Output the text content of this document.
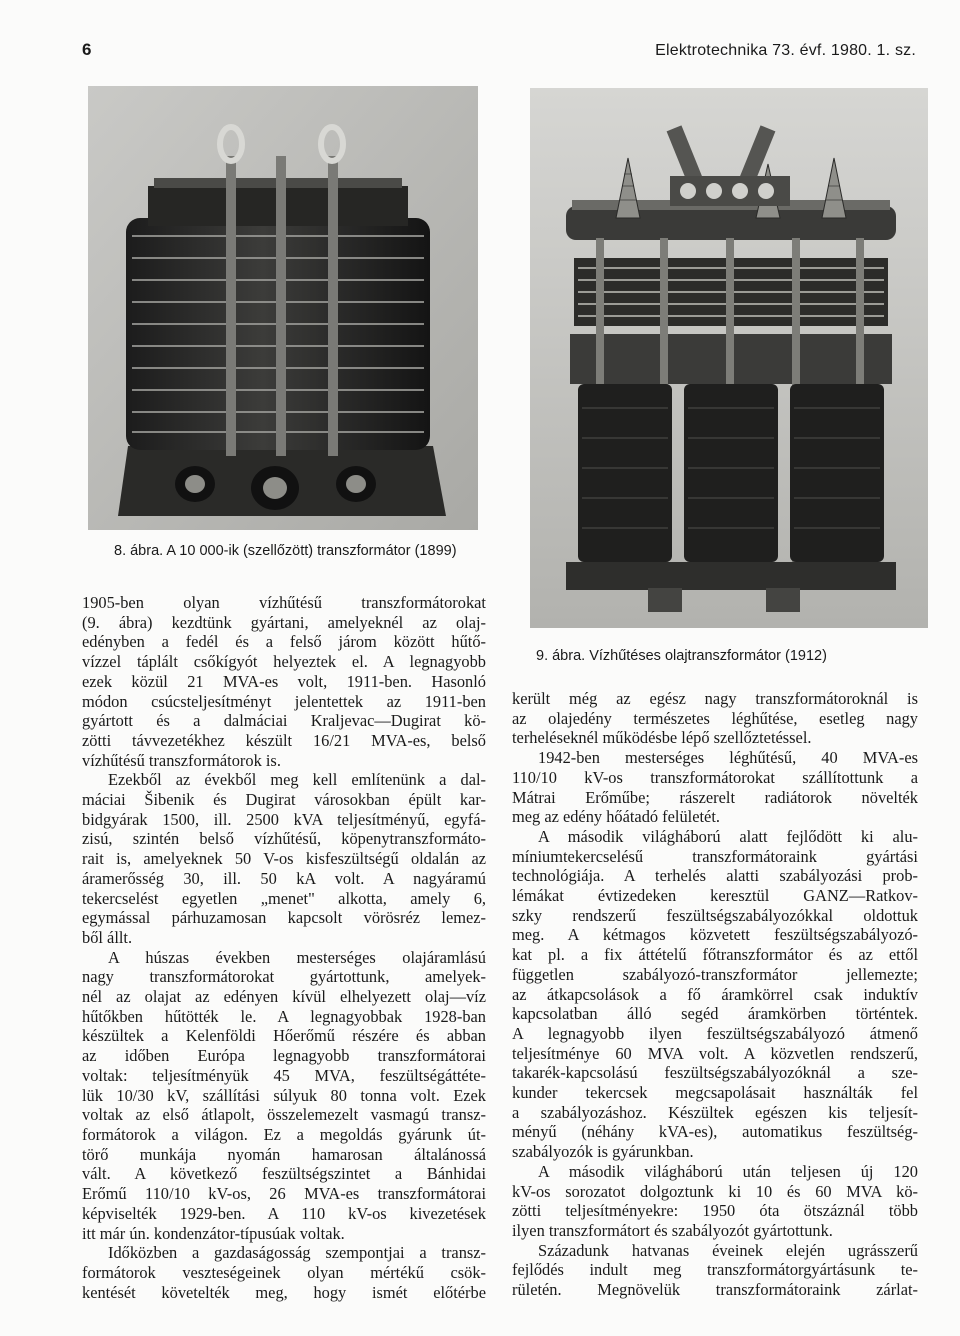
6	Elektrotechnika 73. évf. 1980. 1. sz.
8. ábra. A 10 000-ik (szellőzött) transzformátor (1899)
9. ábra. Vízhűtéses olajtranszformátor (1912)
1905-ben olyan vízhűtésű transzformátorokat
(9. ábra) kezdtünk gyártani, amelyeknél az olaj-
edényben a fedél és a felső járom között hűtő-
vízzel táplált csőkígyót helyeztek el. A legnagyobb
ezek közül 21 MVA-es volt, 1911-ben. Hasonló
módon csúcsteljesítményt jelentettek az 1911-ben
gyártott és a dalmáciai Kraljevac—Dugirat kö-
zötti távvezetékhez készült 16/21 MVA-es, belső
vízhűtésű transzformátorok is.
Ezekből az évekből meg kell említenünk a dal-
máciai Šibenik és Dugirat városokban épült kar-
bidgyárak 1500, ill. 2500 kVA teljesítményű, egyfá-
zisú, szintén belső vízhűtésű, köpenytranszformáto-
rait is, amelyeknek 50 V-os kisfeszültségű oldalán az
áramerősség 30, ill. 50 kA volt. A nagyáramú
tekercselést egyetlen „menet" alkotta, amely 6,
egymással párhuzamosan kapcsolt vörösréz lemez-
ből állt.
A húszas években mesterséges olajáramlású
nagy transzformátorokat gyártottunk, amelyek-
nél az olajat az edényen kívül elhelyezett olaj—víz
hűtőkben hűtötték le. A legnagyobbak 1928-ban
készültek a Kelenföldi Hőerőmű részére és abban
az időben Európa legnagyobb transzformátorai
voltak: teljesítményük 45 MVA, feszültségáttéte-
lük 10/30 kV, szállítási súlyuk 80 tonna volt. Ezek
voltak az első átlapolt, összelemezelt vasmagú transz-
formátorok a világon. Ez a megoldás gyárunk út-
törő munkája nyomán hamarosan általánossá
vált. A következő feszültségszintet a Bánhidai
Erőmű 110/10 kV-os, 26 MVA-es transzformátorai
képviselték 1929-ben. A 110 kV-os kivezetések
itt már ún. kondenzátor-típusúak voltak.
Időközben a gazdaságosság szempontjai a transz-
formátorok veszteségeinek olyan mértékű csök-
kentését követelték meg, hogy ismét előtérbe
került még az egész nagy transzformátoroknál is
az olajedény természetes léghűtése, esetleg nagy
terheléseknél működésbe lépő szellőztetéssel.
1942-ben mesterséges léghűtésű, 40 MVA-es
110/10 kV-os transzformátorokat szállítottunk a
Mátrai Erőműbe; rászerelt radiátorok növelték
meg az edény hőátadó felületét.
A második világháború alatt fejlődött ki alu-
míniumtekercselésű transzformátoraink gyártási
technológiája. A terhelés alatti szabályozási prob-
lémákat évtizedeken keresztül GANZ—Ratkov-
szky rendszerű feszültségszabályozókkal oldottuk
meg. A kétmagos közvetett feszültségszabályozó-
kat pl. a fix áttételű főtranszformátor és az ettől
független szabályozó-transzformátor jellemezte;
az átkapcsolások a fő áramkörrel csak induktív
kapcsolatban álló segéd áramkörben történtek.
A legnagyobb ilyen feszültségszabályozó átmenő
teljesítménye 60 MVA volt. A közvetlen rendszerű,
takarék-kapcsolású feszültségszabályozóknál a sze-
kunder tekercsek megcsapolásait használták fel
a szabályozáshoz. Készültek egészen kis teljesít-
ményű (néhány kVA-es), automatikus feszültség-
szabályozók is gyárunkban.
A második világháború után teljesen új 120
kV-os sorozatot dolgoztunk ki 10 és 60 MVA kö-
zötti teljesítményekre: 1950 óta ötszáznál több
ilyen transzformátort és szabályozót gyártottunk.
Századunk hatvanas éveinek elején ugrásszerű
fejlődés indult meg transzformátorgyártásunk te-
rületén. Megnövelük transzformátoraink zárlat-
